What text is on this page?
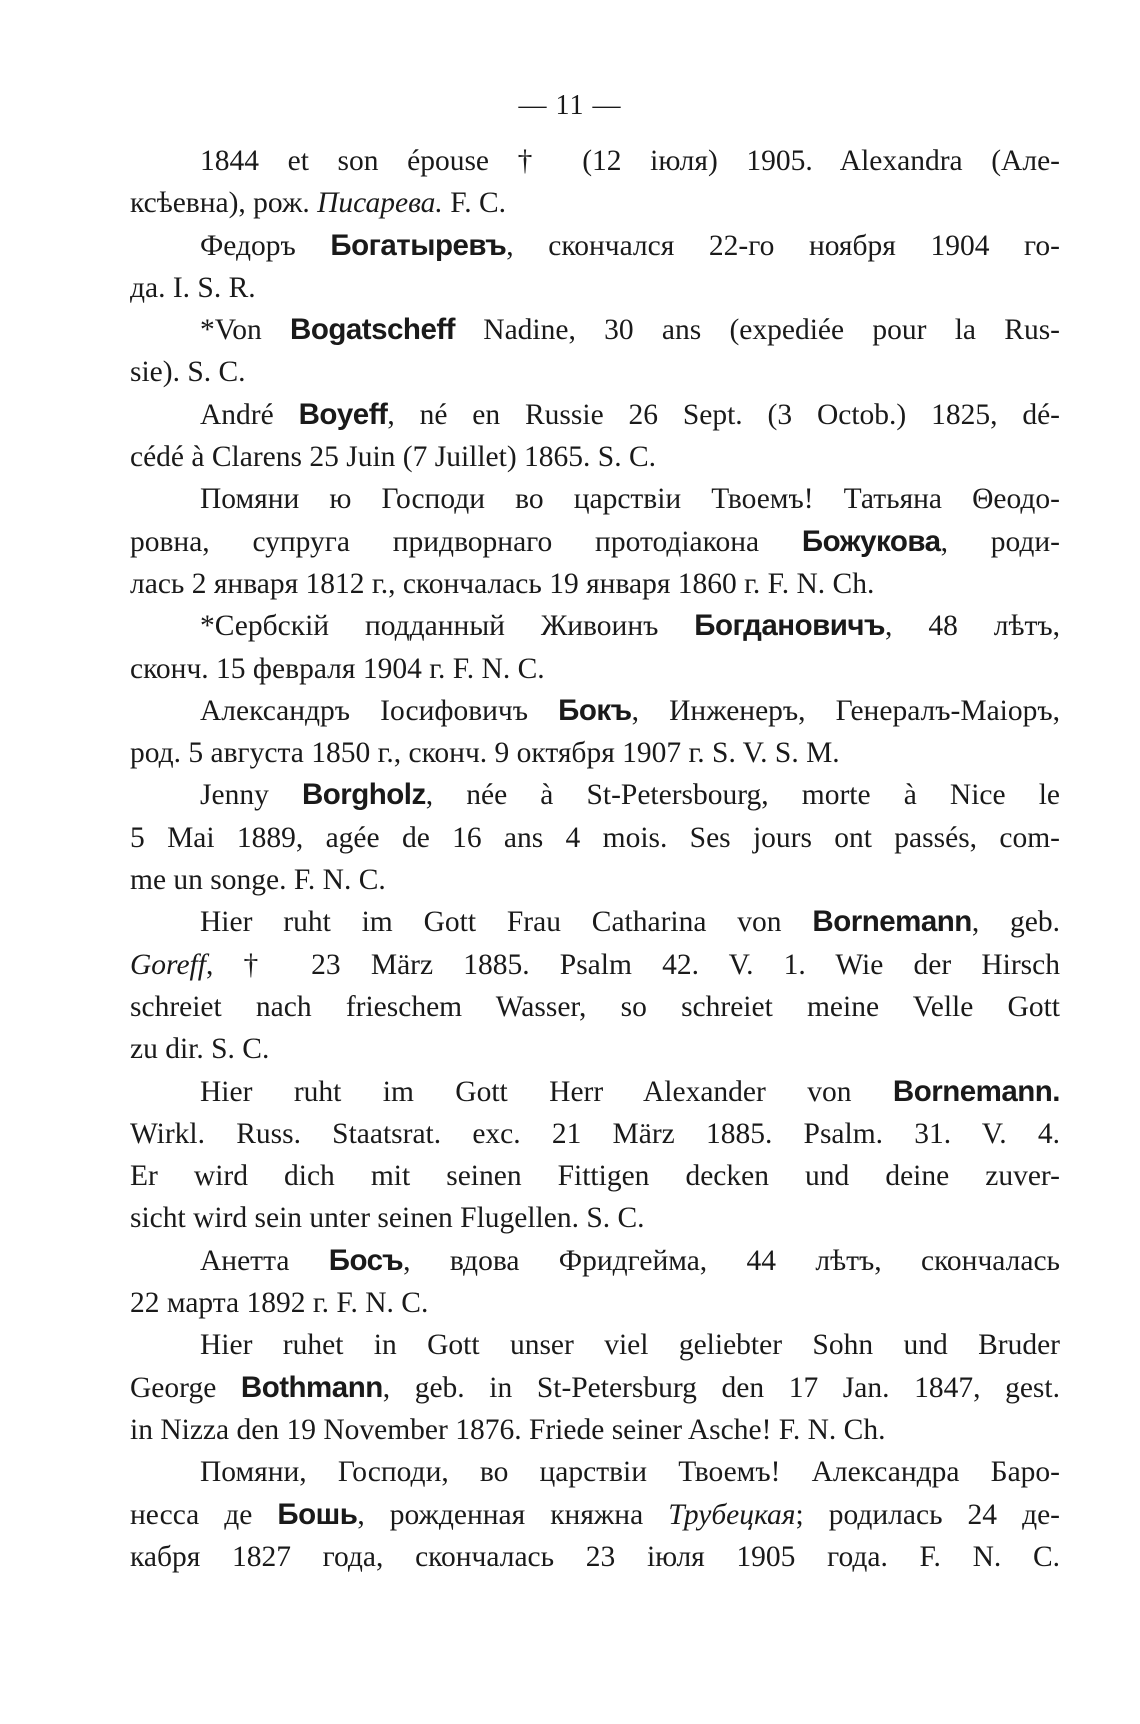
— 11 —
1844 et son épouse † (12 іюля) 1905. Alexandra (Але-
ксѣевна), рож. Писарева. F. C.
Федоръ Богатыревъ, скончался 22-го ноября 1904 го-
да. I. S. R.
*Von Bogatscheff Nadine, 30 ans (expediée pour la Rus-
sie). S. C.
André Boyeff, né en Russie 26 Sept. (3 Octob.) 1825, dé-
cédé à Clarens 25 Juin (7 Juillet) 1865. S. C.
Помяни ю Господи во царствіи Твоемъ! Татьяна Θеодо-
ровна, супруга придворнаго протодіакона Божукова, роди-
лась 2 января 1812 г., скончалась 19 января 1860 г. F. N. Ch.
*Сербскій подданный Живоинъ Богдановичъ, 48 лѣтъ,
сконч. 15 февраля 1904 г. F. N. C.
Александръ Іосифовичъ Бокъ, Инженеръ, Генералъ-Маіоръ,
род. 5 августа 1850 г., сконч. 9 октября 1907 г. S. V. S. M.
Jenny Borgholz, née à St-Petersbourg, morte à Nice le
5 Mai 1889, agée de 16 ans 4 mois. Ses jours ont passés, com-
me un songe. F. N. C.
Hier ruht im Gott Frau Catharina von Bornemann, geb.
Goreff, † 23 März 1885. Psalm 42. V. 1. Wie der Hirsch
schreiet nach frieschem Wasser, so schreiet meine Velle Gott
zu dir. S. C.
Hier ruht im Gott Herr Alexander von Bornemann.
Wirkl. Russ. Staatsrat. exc. 21 März 1885. Psalm. 31. V. 4.
Er wird dich mit seinen Fittigen decken und deine zuver-
sicht wird sein unter seinen Flugellen. S. C.
Анетта Босъ, вдова Фридгейма, 44 лѣтъ, скончалась
22 марта 1892 г. F. N. C.
Hier ruhet in Gott unser viel geliebter Sohn und Bruder
George Bothmann, geb. in St-Petersburg den 17 Jan. 1847, gest.
in Nizza den 19 November 1876. Friede seiner Asche! F. N. Ch.
Помяни, Господи, во царствіи Твоемъ! Александра Баро-
несса де Бошь, рожденная княжна Трубецкая; родилась 24 де-
кабря 1827 года, скончалась 23 іюля 1905 года. F. N. C.
